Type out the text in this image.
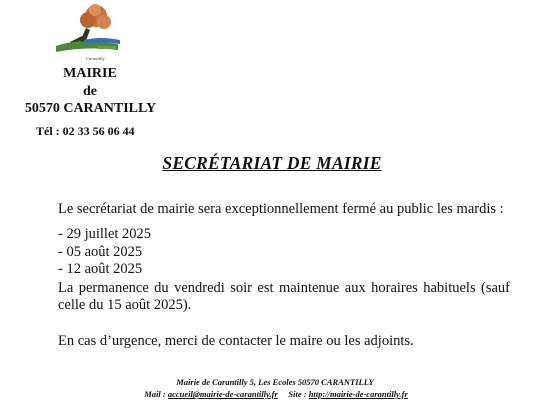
Carantilly
MAIRIE
de
50570 CARANTILLY
Tél : 02 33 56 06 44
SECRÉTARIAT DE MAIRIE
Le secrétariat de mairie sera exceptionnellement fermé au public les mardis :
- 29 juillet 2025
- 05 août 2025
- 12 août 2025
La permanence du vendredi soir est maintenue aux horaires habituels (sauf celle du 15 août 2025).
En cas d’urgence, merci de contacter le maire ou les adjoints.
Mairie de Carantilly 5, Les Ecoles 50570 CARANTILLY
Mail : accueil@mairie-de-carantilly.fr Site : http://mairie-de-carantilly.fr
